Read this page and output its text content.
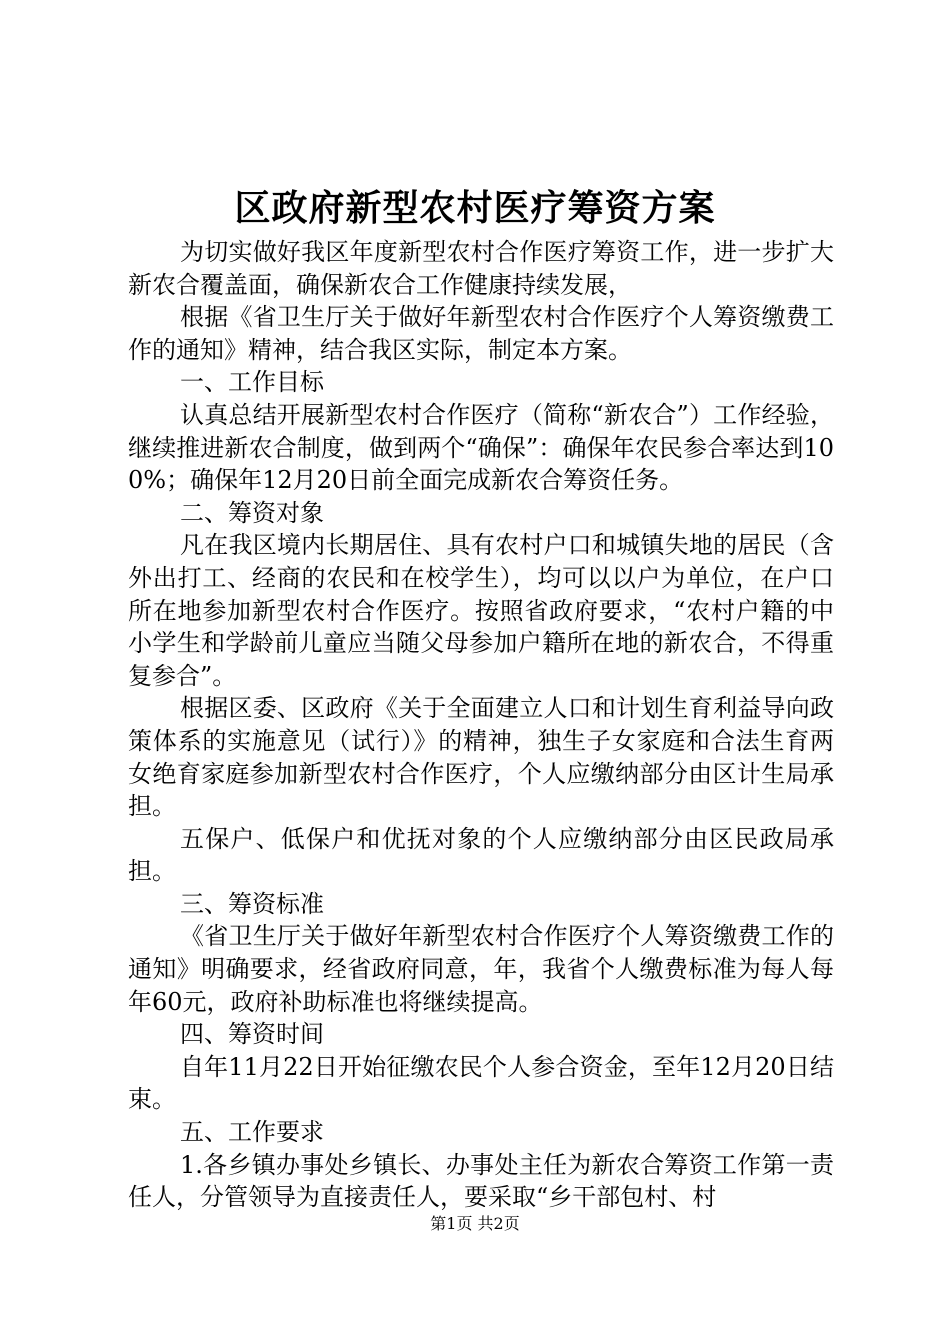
区政府新型农村医疗筹资方案

为切实做好我区年度新型农村合作医疗筹资工作，进一步扩大新农合覆盖面，确保新农合工作健康持续发展，

根据《省卫生厅关于做好年新型农村合作医疗个人筹资缴费工作的通知》精神，结合我区实际，制定本方案。

一、工作目标

认真总结开展新型农村合作医疗（简称“新农合”）工作经验，继续推进新农合制度，做到两个“确保”：确保年农民参合率达到100%；确保年12月20日前全面完成新农合筹资任务。

二、筹资对象

凡在我区境内长期居住、具有农村户口和城镇失地的居民（含外出打工、经商的农民和在校学生），均可以以户为单位，在户口所在地参加新型农村合作医疗。按照省政府要求，“农村户籍的中小学生和学龄前儿童应当随父母参加户籍所在地的新农合，不得重复参合”。

根据区委、区政府《关于全面建立人口和计划生育利益导向政策体系的实施意见（试行）》的精神，独生子女家庭和合法生育两女绝育家庭参加新型农村合作医疗，个人应缴纳部分由区计生局承担。

五保户、低保户和优抚对象的个人应缴纳部分由区民政局承担。

三、筹资标准

《省卫生厅关于做好年新型农村合作医疗个人筹资缴费工作的通知》明确要求，经省政府同意，年，我省个人缴费标准为每人每年60元，政府补助标准也将继续提高。

四、筹资时间

自年11月22日开始征缴农民个人参合资金，至年12月20日结束。

五、工作要求

1.各乡镇办事处乡镇长、办事处主任为新农合筹资工作第一责任人，分管领导为直接责任人，要采取“乡干部包村、村

第1页 共2页
